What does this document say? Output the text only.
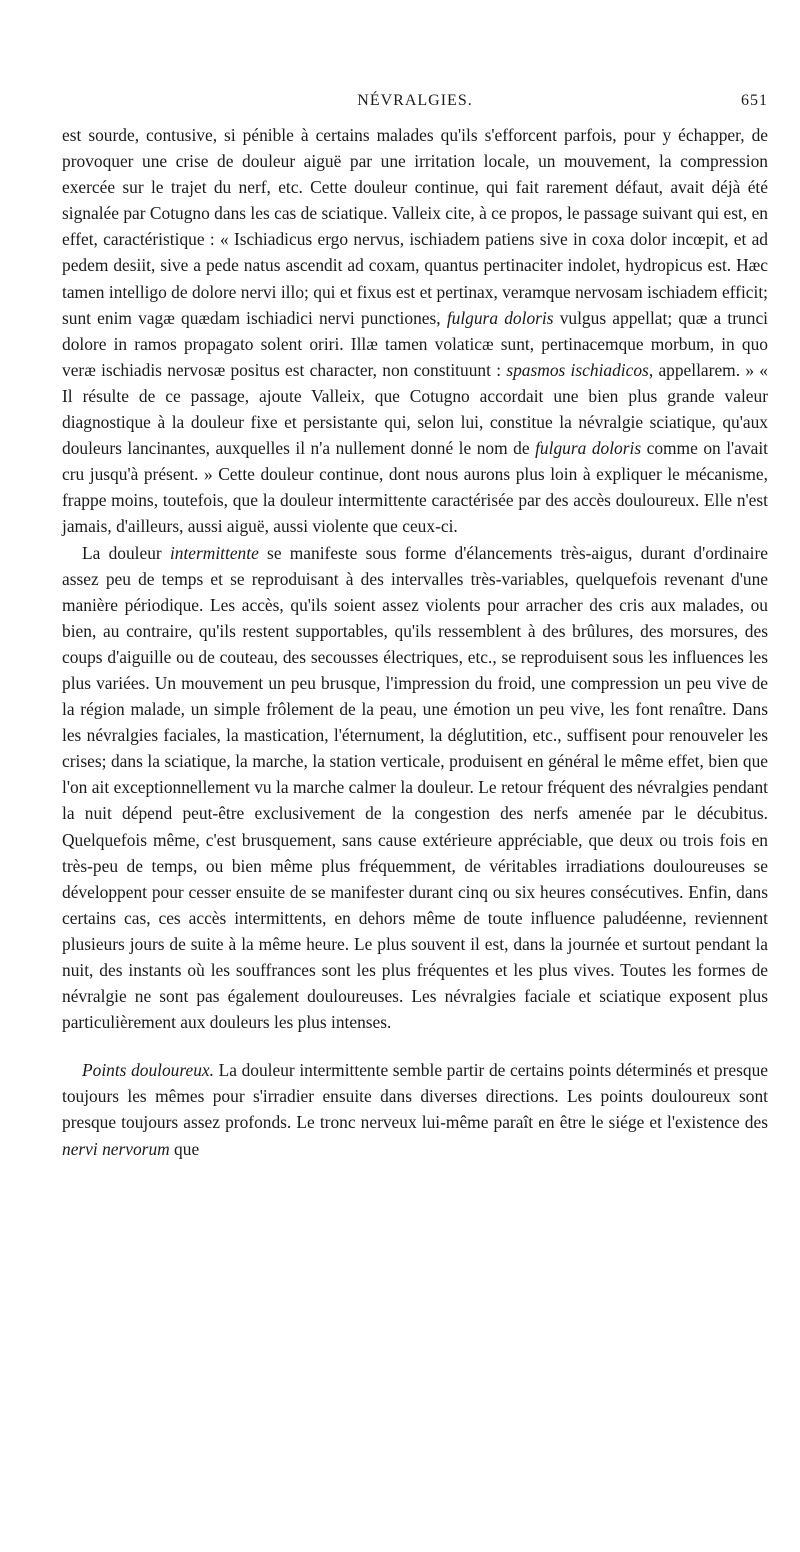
NÉVRALGIES.	651

est sourde, contusive, si pénible à certains malades qu'ils s'efforcent parfois, pour y échapper, de provoquer une crise de douleur aiguë par une irritation locale, un mouvement, la compression exercée sur le trajet du nerf, etc. Cette douleur continue, qui fait rarement défaut, avait déjà été signalée par Cotugno dans les cas de sciatique. Valleix cite, à ce propos, le passage suivant qui est, en effet, caractéristique : « Ischiadicus ergo nervus, ischiadem patiens sive in coxa dolor incœpit, et ad pedem desiit, sive a pede natus ascendit ad coxam, quantus pertinaciter indolet, hydropicus est. Hæc tamen intelligo de dolore nervi illo; qui et fixus est et pertinax, veramque nervosam ischiadem efficit; sunt enim vagæ quædam ischiadici nervi punctiones, fulgura doloris vulgus appellat; quæ a trunci dolore in ramos propagato solent oriri. Illæ tamen volaticæ sunt, pertinacemque morbum, in quo veræ ischiadis nervosæ positus est character, non constituunt : spasmos ischiadicos, appellarem. » « Il résulte de ce passage, ajoute Valleix, que Cotugno accordait une bien plus grande valeur diagnostique à la douleur fixe et persistante qui, selon lui, constitue la névralgie sciatique, qu'aux douleurs lancinantes, auxquelles il n'a nullement donné le nom de fulgura doloris comme on l'avait cru jusqu'à présent. » Cette douleur continue, dont nous aurons plus loin à expliquer le mécanisme, frappe moins, toutefois, que la douleur intermittente caractérisée par des accès douloureux. Elle n'est jamais, d'ailleurs, aussi aiguë, aussi violente que ceux-ci.

La douleur intermittente se manifeste sous forme d'élancements très-aigus, durant d'ordinaire assez peu de temps et se reproduisant à des intervalles très-variables, quelquefois revenant d'une manière périodique. Les accès, qu'ils soient assez violents pour arracher des cris aux malades, ou bien, au contraire, qu'ils restent supportables, qu'ils ressemblent à des brûlures, des morsures, des coups d'aiguille ou de couteau, des secousses électriques, etc., se reproduisent sous les influences les plus variées. Un mouvement un peu brusque, l'impression du froid, une compression un peu vive de la région malade, un simple frôlement de la peau, une émotion un peu vive, les font renaître. Dans les névralgies faciales, la mastication, l'éternument, la déglutition, etc., suffisent pour renouveler les crises; dans la sciatique, la marche, la station verticale, produisent en général le même effet, bien que l'on ait exceptionnellement vu la marche calmer la douleur. Le retour fréquent des névralgies pendant la nuit dépend peut-être exclusivement de la congestion des nerfs amenée par le décubitus. Quelquefois même, c'est brusquement, sans cause extérieure appréciable, que deux ou trois fois en très-peu de temps, ou bien même plus fréquemment, de véritables irradiations douloureuses se développent pour cesser ensuite de se manifester durant cinq ou six heures consécutives. Enfin, dans certains cas, ces accès intermittents, en dehors même de toute influence paludéenne, reviennent plusieurs jours de suite à la même heure. Le plus souvent il est, dans la journée et surtout pendant la nuit, des instants où les souffrances sont les plus fréquentes et les plus vives. Toutes les formes de névralgie ne sont pas également douloureuses. Les névralgies faciale et sciatique exposent plus particulièrement aux douleurs les plus intenses.

Points douloureux. La douleur intermittente semble partir de certains points déterminés et presque toujours les mêmes pour s'irradier ensuite dans diverses directions. Les points douloureux sont presque toujours assez profonds. Le tronc nerveux lui-même paraît en être le siége et l'existence des nervi nervorum que
